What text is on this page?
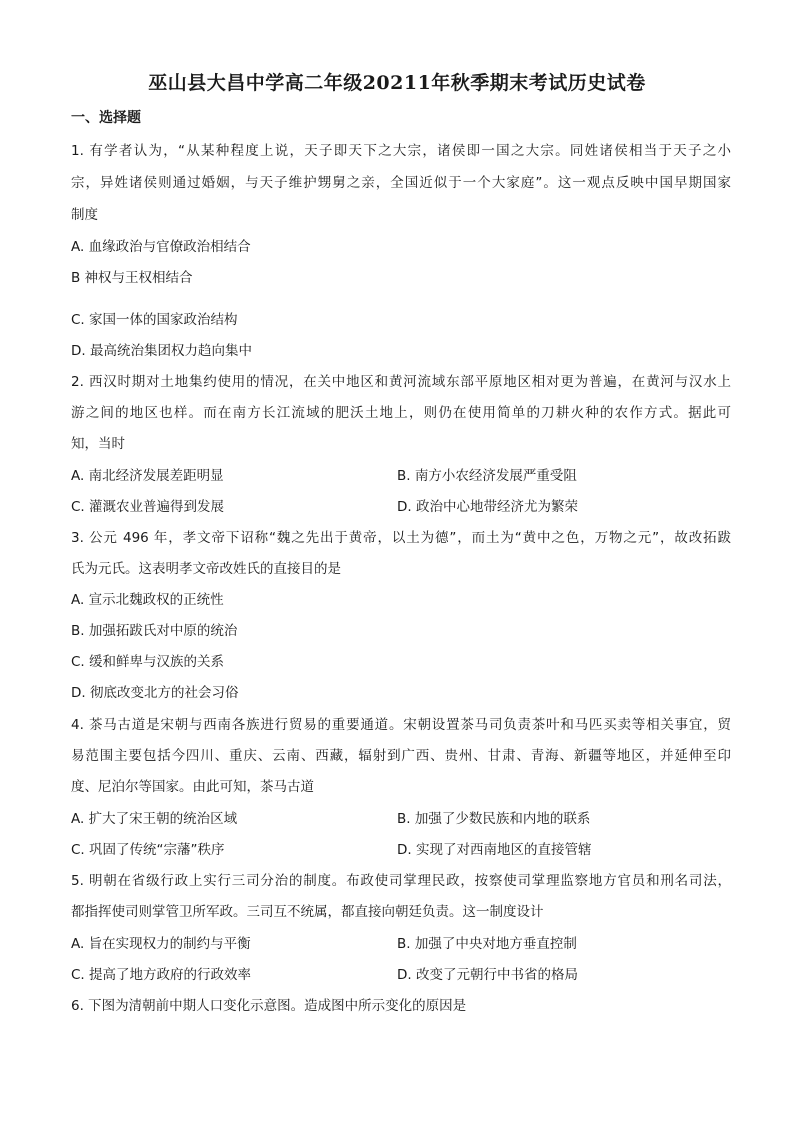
巫山县大昌中学高二年级20211年秋季期末考试历史试卷
一、选择题
1. 有学者认为，“从某种程度上说，天子即天下之大宗，诸侯即一国之大宗。同姓诸侯相当于天子之小
宗，异姓诸侯则通过婚姻，与天子维护甥舅之亲，全国近似于一个大家庭”。这一观点反映中国早期国家
制度
A. 血缘政治与官僚政治相结合
B 神权与王权相结合
C. 家国一体的国家政治结构
D. 最高统治集团权力趋向集中
2. 西汉时期对土地集约使用的情况，在关中地区和黄河流域东部平原地区相对更为普遍，在黄河与汉水上
游之间的地区也样。而在南方长江流域的肥沃土地上，则仍在使用简单的刀耕火种的农作方式。据此可
知，当时
A. 南北经济发展差距明显	B. 南方小农经济发展严重受阻
C. 灌溉农业普遍得到发展	D. 政治中心地带经济尤为繁荣
3. 公元 496 年，孝文帝下诏称“魏之先出于黄帝，以土为德”，而土为“黄中之色，万物之元”，故改拓跋
氏为元氏。这表明孝文帝改姓氏的直接目的是
A. 宣示北魏政权的正统性
B. 加强拓跋氏对中原的统治
C. 缓和鲜卑与汉族的关系
D. 彻底改变北方的社会习俗
4. 茶马古道是宋朝与西南各族进行贸易的重要通道。宋朝设置茶马司负责茶叶和马匹买卖等相关事宜，贸
易范围主要包括今四川、重庆、云南、西藏，辐射到广西、贵州、甘肃、青海、新疆等地区，并延伸至印
度、尼泊尔等国家。由此可知，茶马古道
A. 扩大了宋王朝的统治区域	B. 加强了少数民族和内地的联系
C. 巩固了传统“宗藩”秩序	D. 实现了对西南地区的直接管辖
5. 明朝在省级行政上实行三司分治的制度。布政使司掌理民政，按察使司掌理监察地方官员和刑名司法，
都指挥使司则掌管卫所军政。三司互不统属，都直接向朝廷负责。这一制度设计
A. 旨在实现权力的制约与平衡	B. 加强了中央对地方垂直控制
C. 提高了地方政府的行政效率	D. 改变了元朝行中书省的格局
6. 下图为清朝前中期人口变化示意图。造成图中所示变化的原因是
